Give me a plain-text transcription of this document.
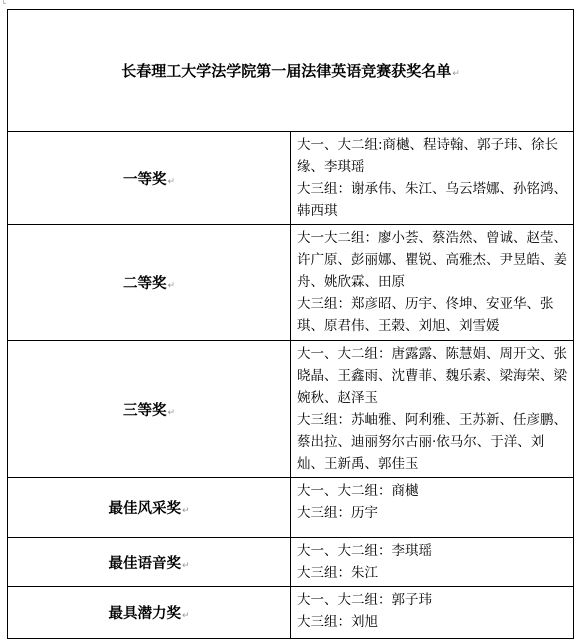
└
长春理工大学法学院第一届法律英语竞赛获奖名单↵	
一等奖↵	大一、大二组:商樾、程诗翰、郭子玮、徐长缘、李琪瑶
大三组：谢承伟、朱江、乌云塔娜、孙铭鸿、韩西琪

二等奖↵	大一大二组：廖小荟、蔡浩然、曾诚、赵莹、许广原、彭丽娜、瞿锐、高雅杰、尹昱皓、姜舟、姚欣霖、田原
大三组：郑彦昭、历宇、佟坤、安亚华、张琪、原君伟、王榖、刘旭、刘雪媛

三等奖↵	大一、大二组：唐露露、陈慧娟、周开文、张晓晶、王鑫雨、沈曹菲、魏乐素、梁海荣、梁婉秋、赵泽玉
大三组：苏岫雅、阿利雅、王苏新、任彦鹏、蔡出拉、迪丽努尔古丽·依马尔、于洋、刘灿、王新禹、郭佳玉

最佳风采奖↵	大一、大二组：商樾
大三组：历宇

最佳语音奖↵	大一、大二组：李琪瑶
大三组：朱江

最具潜力奖↵	大一、大二组：郭子玮
大三组：刘旭
